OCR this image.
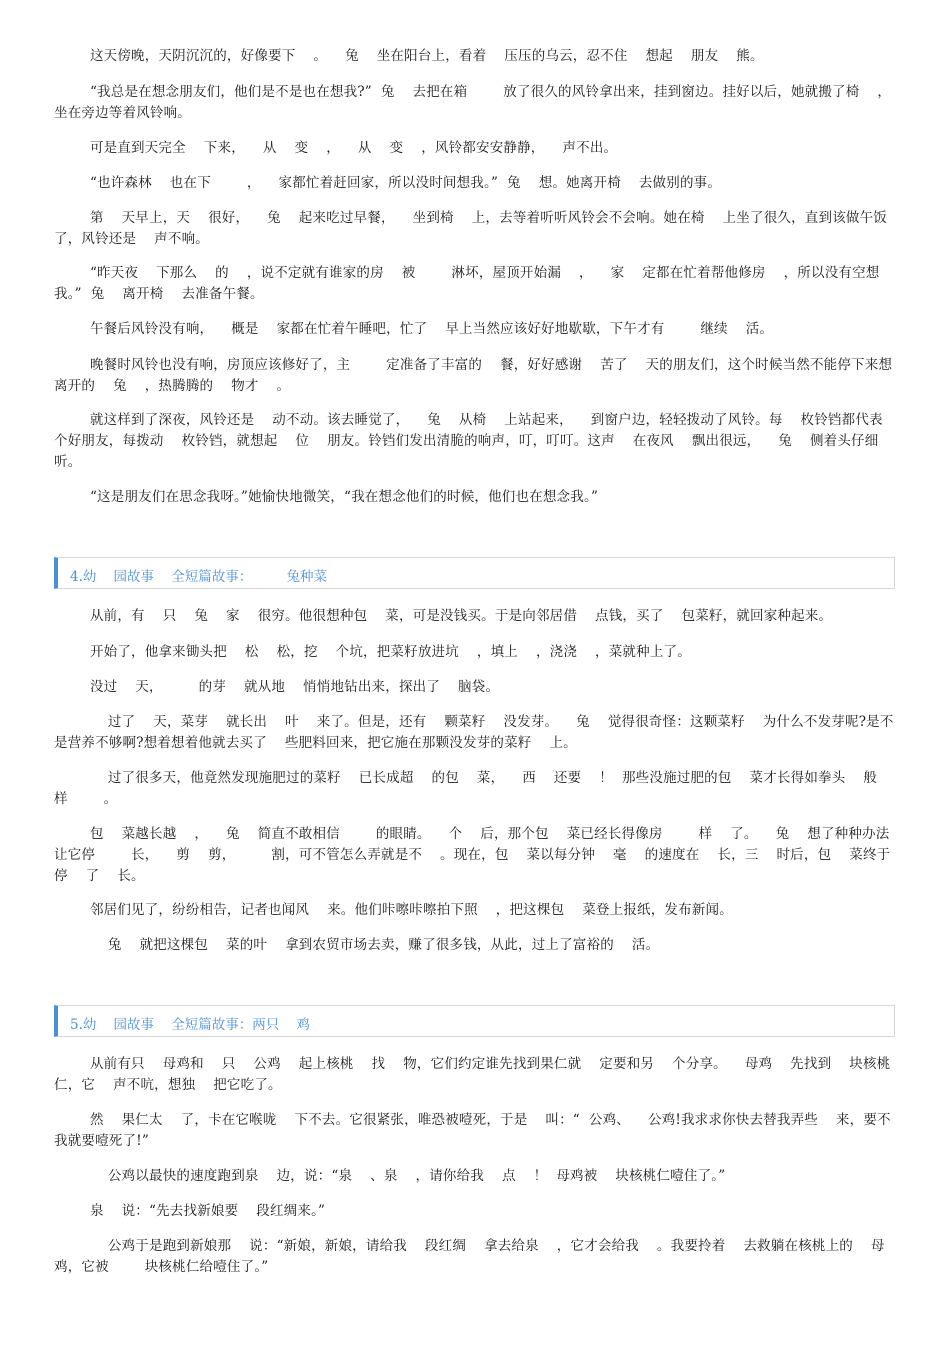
这天傍晚，天阴沉沉的，好像要下    。    兔    坐在阳台上，看着    压压的乌云，忍不住    想起    朋友    熊。

“我总是在想念朋友们，他们是不是也在想我?”  兔    去把在箱        放了很久的风铃拿出来，挂到窗边。挂好以后，她就搬了椅    ，坐在旁边等着风铃响。

可是直到天完全    下来，    从    变    ，    从    变    ，风铃都安安静静，    声不出。

“也许森林    也在下        ，    家都忙着赶回家，所以没时间想我。”  兔    想。她离开椅    去做别的事。

第    天早上，天    很好，    兔    起来吃过早餐，    坐到椅    上，去等着听听风铃会不会响。她在椅    上坐了很久，直到该做午饭了，风铃还是    声不响。

“昨天夜    下那么    的    ，说不定就有谁家的房    被        淋坏，屋顶开始漏    ，    家    定都在忙着帮他修房    ，所以没有空想我。”  兔    离开椅    去准备午餐。

午餐后风铃没有响，    概是    家都在忙着午睡吧，忙了    早上当然应该好好地歇歇，下午才有        继续    活。

晚餐时风铃也没有响，房顶应该修好了，主        定准备了丰富的    餐，好好感谢    苦了    天的朋友们，这个时候当然不能停下来想离开的    兔    ，热腾腾的    物才    。

就这样到了深夜，风铃还是    动不动。该去睡觉了，    兔    从椅    上站起来，    到窗户边，轻轻拨动了风铃。每    枚铃铛都代表    个好朋友，每拨动    枚铃铛，就想起    位    朋友。铃铛们发出清脆的响声，叮，叮叮。这声    在夜风    飘出很远，    兔    侧着头仔细听。

“这是朋友们在思念我呀。”她愉快地微笑，“我在想念他们的时候，他们也在想念我。”

4.幼    园故事    全短篇故事：        兔种菜

从前，有    只    兔    家    很穷。他很想种包    菜，可是没钱买。于是向邻居借    点钱，买了    包菜籽，就回家种起来。

开始了，他拿来锄头把    松    松，挖    个坑，把菜籽放进坑    ，填上    ，浇浇    ，菜就种上了。

没过    天，        的芽    就从地    悄悄地钻出来，探出了    脑袋。

过了    天，菜芽    就长出    叶    来了。但是，还有    颗菜籽    没发芽。    兔    觉得很奇怪：这颗菜籽    为什么不发芽呢?是不是营养不够啊?想着想着他就去买了    些肥料回来，把它施在那颗没发芽的菜籽    上。

过了很多天，他竟然发现施肥过的菜籽    已长成超    的包    菜，    西    还要    ！  那些没施过肥的包    菜才长得如拳头    般    样        。

包    菜越长越    ，    兔    简直不敢相信        的眼睛。    个    后，那个包    菜已经长得像房        样    了。    兔    想了种种办法让它停        长，    剪    剪，        割，可不管怎么弄就是不    。现在，包    菜以每分钟    毫    的速度在    长，三    时后，包    菜终于停    了    长。

邻居们见了，纷纷相告，记者也闻风    来。他们咔嚓咔嚓拍下照    ，把这棵包    菜登上报纸，发布新闻。

兔    就把这棵包    菜的叶    拿到农贸市场去卖，赚了很多钱，从此，过上了富裕的    活。

5.幼    园故事    全短篇故事：两只    鸡

从前有只    母鸡和    只    公鸡    起上核桃    找    物，它们约定谁先找到果仁就    定要和另    个分享。    母鸡    先找到    块核桃仁，它    声不吭，想独    把它吃了。

然    果仁太    了，卡在它喉咙    下不去。它很紧张，唯恐被噎死，于是    叫：“  公鸡、    公鸡!我求求你快去替我弄些    来，要不我就要噎死了!”

公鸡以最快的速度跑到泉    边，说：“泉    、泉    ，请你给我    点    ！  母鸡被    块核桃仁噎住了。”

泉    说：“先去找新娘要    段红绸来。”

公鸡于是跑到新娘那    说：“新娘，新娘，请给我    段红绸    拿去给泉    ，它才会给我    。我要拎着    去救躺在核桃上的    母鸡，它被        块核桃仁给噎住了。”
